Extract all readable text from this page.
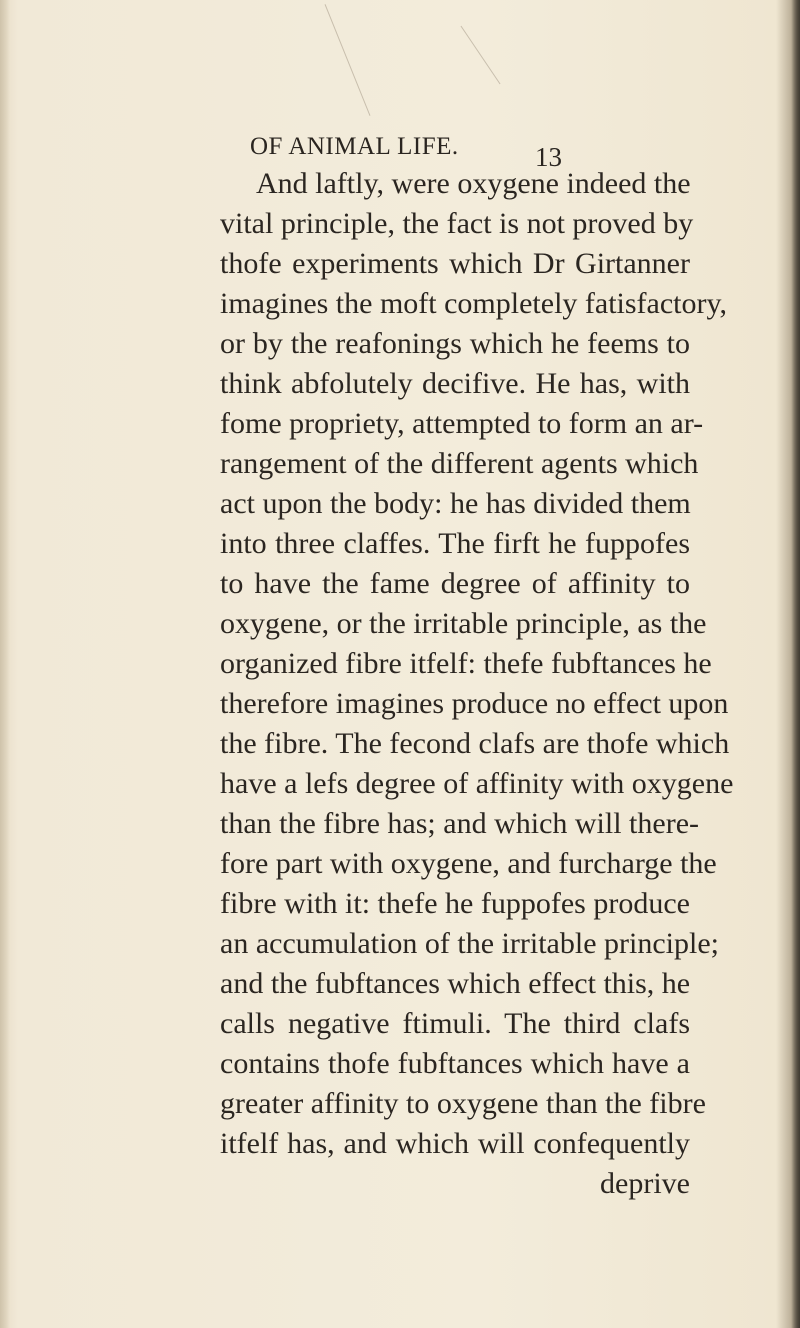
OF ANIMAL LIFE.	13
And laftly, were oxygene indeed the
vital principle, the fact is not proved by
thofe experiments which Dr Girtanner
imagines the moft completely fatisfactory,
or by the reafonings which he feems to
think abfolutely decifive. He has, with
fome propriety, attempted to form an ar-
rangement of the different agents which
act upon the body: he has divided them
into three claffes. The firft he fuppofes
to have the fame degree of affinity to
oxygene, or the irritable principle, as the
organized fibre itfelf: thefe fubftances he
therefore imagines produce no effect upon
the fibre. The fecond clafs are thofe which
have a lefs degree of affinity with oxygene
than the fibre has; and which will there-
fore part with oxygene, and furcharge the
fibre with it: thefe he fuppofes produce
an accumulation of the irritable principle;
and the fubftances which effect this, he
calls negative ftimuli. The third clafs
contains thofe fubftances which have a
greater affinity to oxygene than the fibre
itfelf has, and which will confequently
deprive
